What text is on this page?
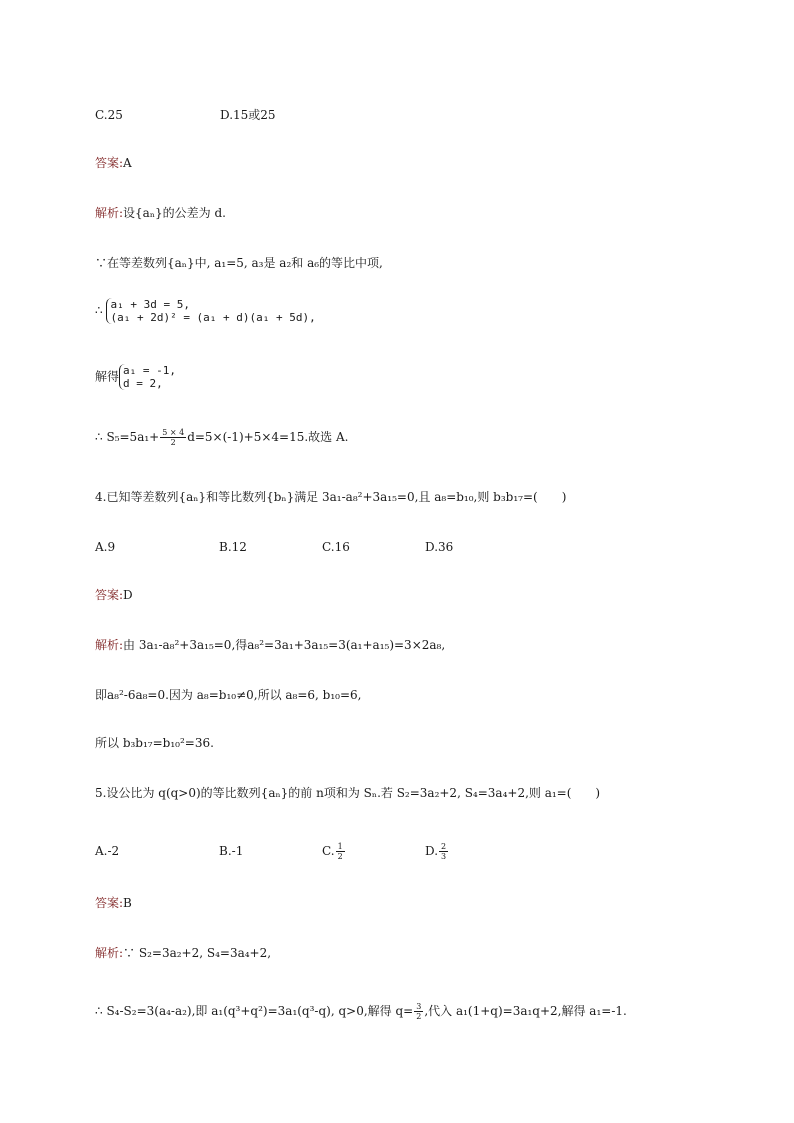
C.25	D.15或25
答案:A
解析:设{aₙ}的公差为 d.
∵在等差数列{aₙ}中, a₁=5, a₃是 a₂和 a₆的等比中项,
∴ a₁ + 3d = 5,
(a₁ + 2d)² = (a₁ + d)(a₁ + 5d),
解得 a₁ = -1,
d = 2,
∴ $S_5=5a_1+ \frac{5 \times 4}{2} d=5\times(-1)+5\times 4=15$.故选 A.
4.已知等差数列{aₙ}和等比数列{bₙ}满足 3a₁-a₈²+3a₁₅=0,且 a₈=b₁₀,则 b₃b₁₇=(　　)
A.9	B.12	C.16	D.36
答案:D
解析:由 3a₁-a₈²+3a₁₅=0,得a₈²=3a₁+3a₁₅=3(a₁+a₁₅)=3×2a₈,
即a₈²-6a₈=0.因为 a₈=b₁₀≠0,所以 a₈=6, b₁₀=6,
所以 b₃b₁₇=b₁₀²=36.
5.设公比为 q(q>0)的等比数列{aₙ}的前 n项和为 Sₙ.若 S₂=3a₂+2, S₄=3a₄+2,则 a₁=(　　)
A.-2	B.-1	C. $\frac{1}{2}$	D. $\frac{2}{3}$
答案:B
解析:∵ S₂=3a₂+2, S₄=3a₄+2,
∴ S₄-S₂=3(a₄-a₂),即 a₁(q³+q²)=3a₁(q³-q), q>0,解得 $q= \frac{3}{2}$ ,代入 a₁(1+q)=3a₁q+2,解得 a₁=-1.
